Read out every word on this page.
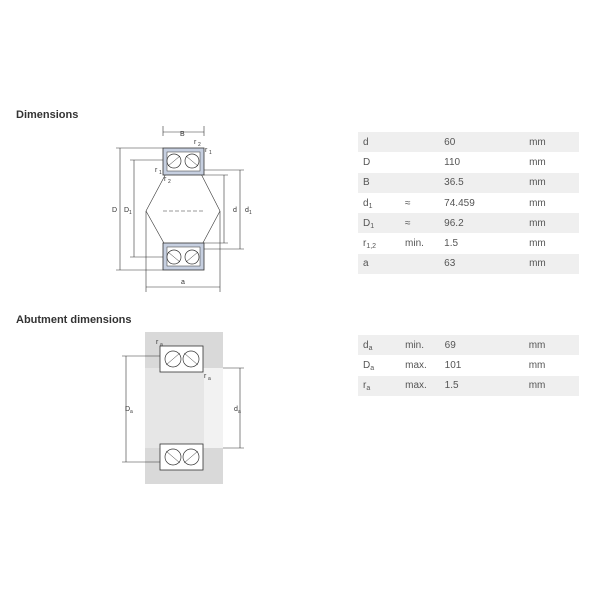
Dimensions
B
D D 1	d d 1
a
r 2
r 1
r 1
r 2
d		60	mm
D		110	mm
B		36.5	mm
$d_1$	≈	74.459	mm
$D_1$	≈	96.2	mm
$r_{1,2}$	min.	1.5	mm
a		63	mm
Abutment dimensions
r a
r a
D a	d a
$d_a$	min.	69	mm
$D_a$	max.	101	mm
$r_a$	max.	1.5	mm
